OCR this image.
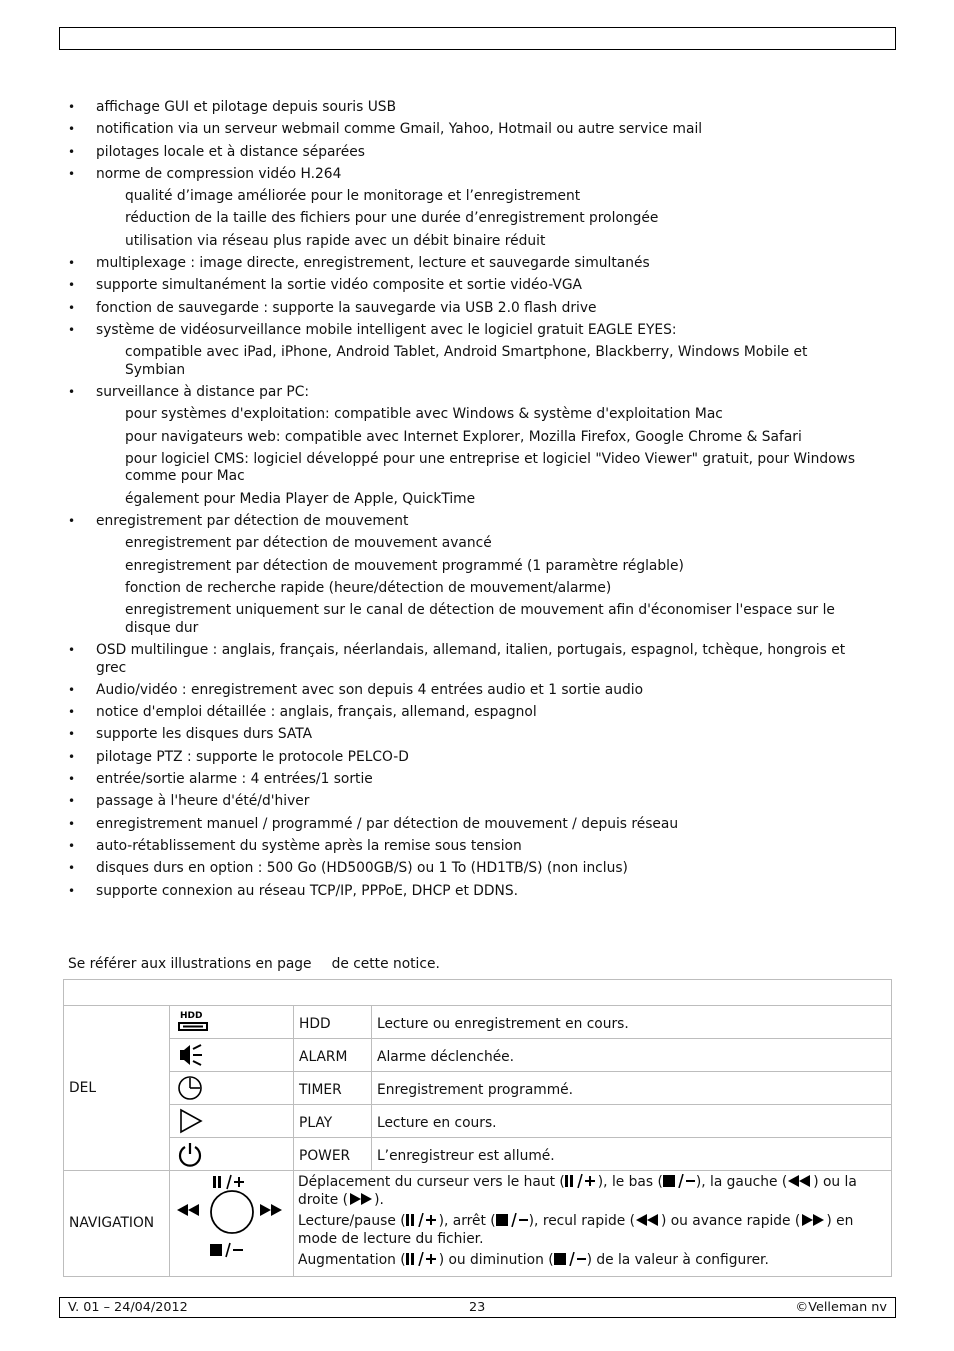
• affichage GUI et pilotage depuis souris USB
• notification via un serveur webmail comme Gmail, Yahoo, Hotmail ou autre service mail
• pilotages locale et à distance séparées
• norme de compression vidéo H.264
qualité d’image améliorée pour le monitorage et l’enregistrement
réduction de la taille des fichiers pour une durée d’enregistrement prolongée
utilisation via réseau plus rapide avec un débit binaire réduit
• multiplexage : image directe, enregistrement, lecture et sauvegarde simultanés
• supporte simultanément la sortie vidéo composite et sortie vidéo-VGA
• fonction de sauvegarde : supporte la sauvegarde via USB 2.0 flash drive
• système de vidéosurveillance mobile intelligent avec le logiciel gratuit EAGLE EYES:
compatible avec iPad, iPhone, Android Tablet, Android Smartphone, Blackberry, Windows Mobile et Symbian
• surveillance à distance par PC:
pour systèmes d'exploitation: compatible avec Windows & système d'exploitation Mac
pour navigateurs web: compatible avec Internet Explorer, Mozilla Firefox, Google Chrome & Safari
pour logiciel CMS: logiciel développé pour une entreprise et logiciel "Video Viewer" gratuit, pour Windows comme pour Mac
également pour Media Player de Apple, QuickTime
• enregistrement par détection de mouvement
enregistrement par détection de mouvement avancé
enregistrement par détection de mouvement programmé (1 paramètre réglable)
fonction de recherche rapide (heure/détection de mouvement/alarme)
enregistrement uniquement sur le canal de détection de mouvement afin d'économiser l'espace sur le disque dur
• OSD multilingue : anglais, français, néerlandais, allemand, italien, portugais, espagnol, tchèque, hongrois et grec
• Audio/vidéo : enregistrement avec son depuis 4 entrées audio et 1 sortie audio
• notice d'emploi détaillée : anglais, français, allemand, espagnol
• supporte les disques durs SATA
• pilotage PTZ : supporte le protocole PELCO-D
• entrée/sortie alarme : 4 entrées/1 sortie
• passage à l'heure d'été/d'hiver
• enregistrement manuel / programmé / par détection de mouvement / depuis réseau
• auto-rétablissement du système après la remise sous tension
• disques durs en option : 500 Go (HD500GB/S) ou 1 To (HD1TB/S) (non inclus)
• supporte connexion au réseau TCP/IP, PPPoE, DHCP et DDNS.
Se référer aux illustrations en page de cette notice.

DEL	HDD	HDD	Lecture ou enregistrement en cours.

	ALARM	Alarme déclenchée.

	TIMER	Enregistrement programmé.

	PLAY	Lecture en cours.

	POWER	L’enregistreur est allumé.
NAVIGATION		Déplacement du curseur vers le haut ( ), le bas ( ), la gauche ( ) ou la droite ( ).

Lecture/pause ( ), arrêt ( ), recul rapide ( ) ou avance rapide ( ) en mode de lecture du fichier.

Augmentation ( ) ou diminution ( ) de la valeur à configurer.	

V. 01 – 24/04/2012	23	©Velleman nv
